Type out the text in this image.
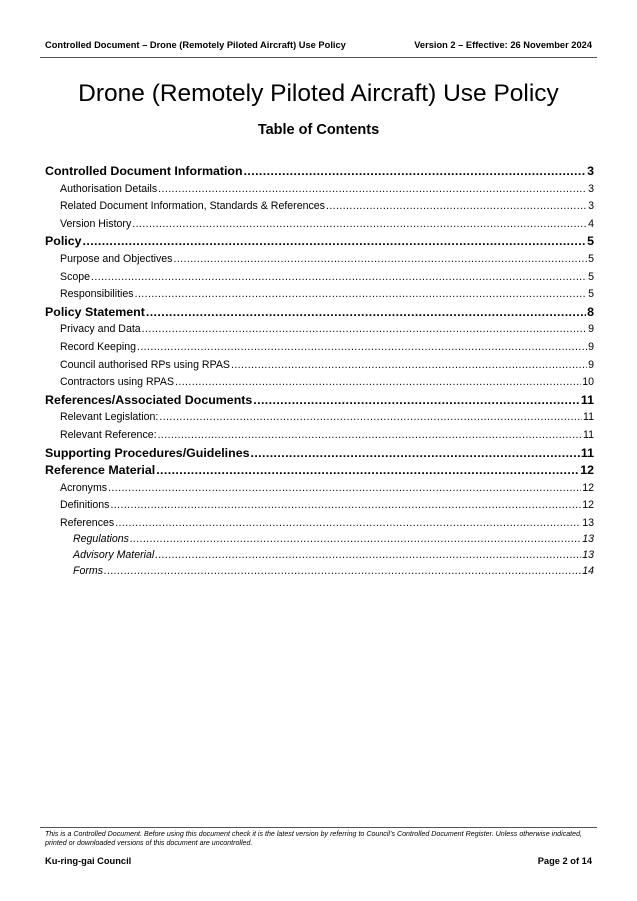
Controlled Document – Drone (Remotely Piloted Aircraft) Use Policy	Version 2 – Effective: 26 November 2024
Drone (Remotely Piloted Aircraft) Use Policy
Table of Contents
Controlled Document Information .....	3
Authorisation Details .....	3
Related Document Information, Standards & References .....	3
Version History .....	4
Policy .....	5
Purpose and Objectives .....	5
Scope .....	5
Responsibilities .....	5
Policy Statement .....	8
Privacy and Data .....	9
Record Keeping .....	9
Council authorised RPs using RPAS .....	9
Contractors using RPAS .....	10
References/Associated Documents .....	11
Relevant Legislation: .....	11
Relevant Reference: .....	11
Supporting Procedures/Guidelines .....	11
Reference Material .....	12
Acronyms .....	12
Definitions .....	12
References .....	13
Regulations .....	13
Advisory Material .....	13
Forms .....	14
This is a Controlled Document. Before using this document check it is the latest version by referring to Council’s Controlled Document Register. Unless otherwise indicated, printed or downloaded versions of this document are uncontrolled.
Ku-ring-gai Council	Page 2 of 14
